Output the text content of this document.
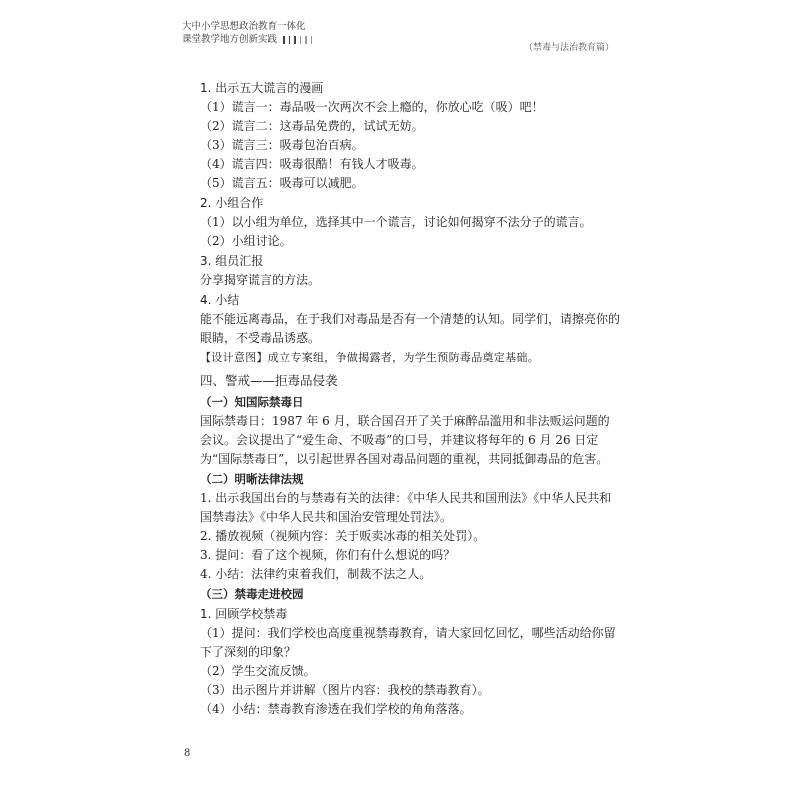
大中小学思想政治教育一体化
课堂教学地方创新实践
（禁毒与法治教育篇）

1. 出示五大谎言的漫画

（1）谎言一：毒品吸一次两次不会上瘾的，你放心吃（吸）吧！

（2）谎言二：这毒品免费的，试试无妨。

（3）谎言三：吸毒包治百病。

（4）谎言四：吸毒很酷！有钱人才吸毒。

（5）谎言五：吸毒可以减肥。

2. 小组合作

（1）以小组为单位，选择其中一个谎言，讨论如何揭穿不法分子的谎言。

（2）小组讨论。

3. 组员汇报

分享揭穿谎言的方法。

4. 小结

能不能远离毒品，在于我们对毒品是否有一个清楚的认知。同学们，请擦亮你的眼睛，不受毒品诱惑。

【设计意图】成立专案组，争做揭露者，为学生预防毒品奠定基础。

四、警戒——拒毒品侵袭

（一）知国际禁毒日

国际禁毒日：1987 年 6 月，联合国召开了关于麻醉品滥用和非法贩运问题的会议。会议提出了“爱生命、不吸毒”的口号，并建议将每年的 6 月 26 日定为“国际禁毒日”，以引起世界各国对毒品问题的重视，共同抵御毒品的危害。

（二）明晰法律法规

1. 出示我国出台的与禁毒有关的法律：《中华人民共和国刑法》《中华人民共和国禁毒法》《中华人民共和国治安管理处罚法》。

2. 播放视频（视频内容：关于贩卖冰毒的相关处罚）。

3. 提问：看了这个视频，你们有什么想说的吗？

4. 小结：法律约束着我们，制裁不法之人。

（三）禁毒走进校园

1. 回顾学校禁毒

（1）提问：我们学校也高度重视禁毒教育，请大家回忆回忆，哪些活动给你留下了深刻的印象？

（2）学生交流反馈。

（3）出示图片并讲解（图片内容：我校的禁毒教育）。

（4）小结：禁毒教育渗透在我们学校的角角落落。

8
